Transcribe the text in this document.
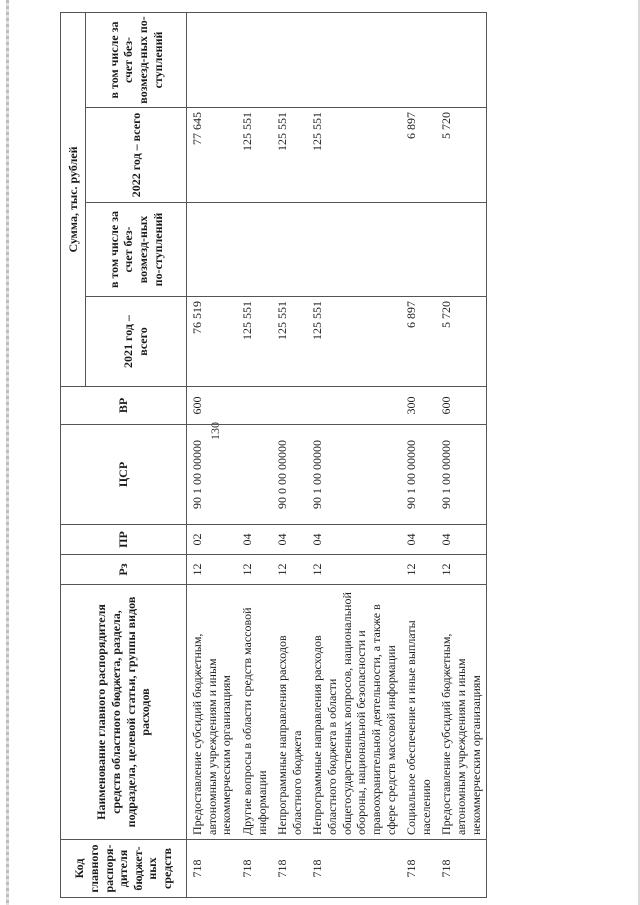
130
Код главного распоря-дителя бюджет-ных средств	Наименование главного распорядителя средств областного бюджета, раздела, подраздела, целевой статьи, группы видов расходов	Рз	ПР	ЦСР	ВР	Сумма, тыс. рублей			
						2021 год – всего	в том числе за счет без-возмезд-ных по-ступлений	2022 год – всего	в том числе за счет без-возмезд-ных по-ступлений
718	Предоставление субсидий бюджетным, автономным учреждениям и иным некоммерческим организациям	12	02	90 1 00 00000	600	76 519		77 645	
718	Другие вопросы в области средств массовой информации	12	04			125 551		125 551	
718	Непрограммные направления расходов областного бюджета	12	04	90 0 00 00000		125 551		125 551	
718	Непрограммные направления расходов областного бюджета в области общегосударственных вопросов, национальной обороны, национальной безопасности и правоохранительной деятельности, а также в сфере средств массовой информации	12	04	90 1 00 00000		125 551		125 551	
718	Социальное обеспечение и иные выплаты населению	12	04	90 1 00 00000	300	6 897		6 897	
718	Предоставление субсидий бюджетным, автономным учреждениям и иным некоммерческим организациям	12	04	90 1 00 00000	600	5 720		5 720	
